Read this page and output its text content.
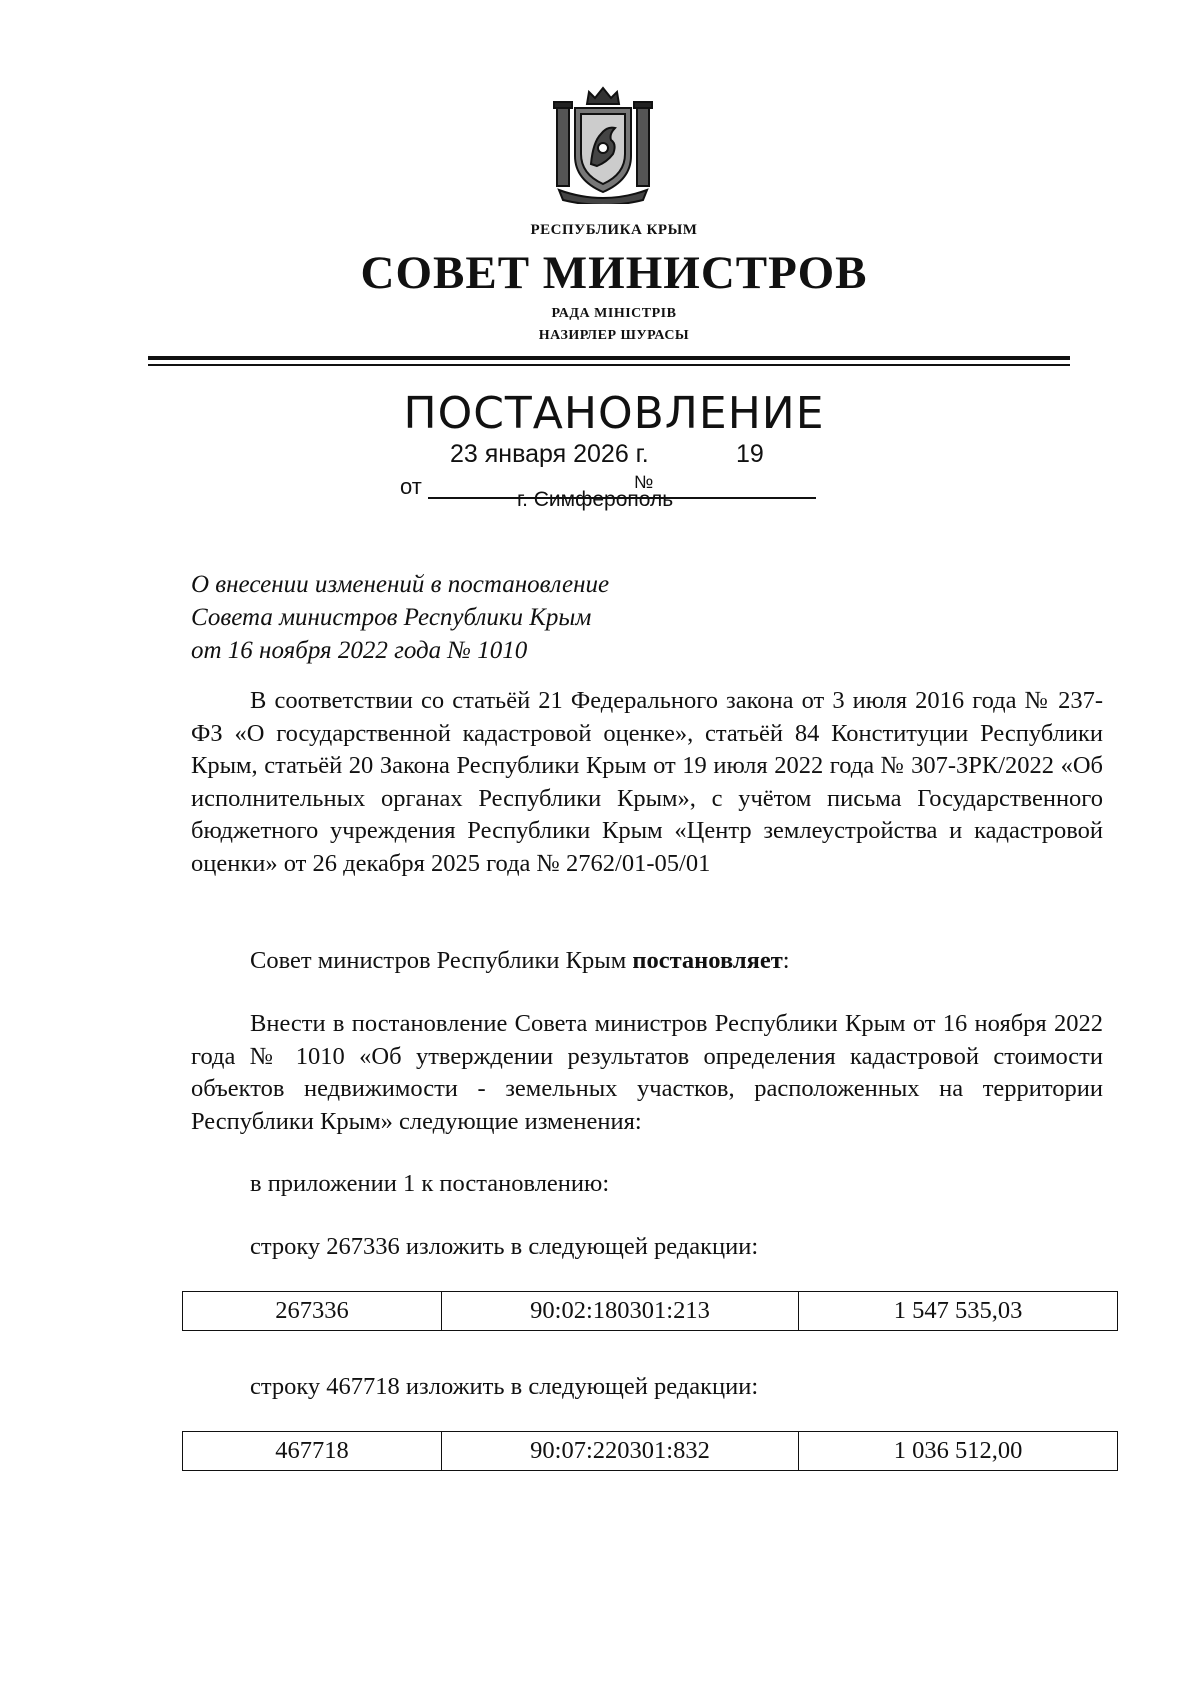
РЕСПУБЛИКА КРЫМ
СОВЕТ МИНИСТРОВ
РАДА МІНІСТРІВ
НАЗИРЛЕР ШУРАСЫ
ПОСТАНОВЛЕНИЕ
от
23 января 2026 г.
№
19
г. Симферополь
О внесении изменений в постановление
Совета министров Республики Крым
от 16 ноября 2022 года № 1010
В соответствии со статьёй 21 Федерального закона от 3 июля 2016 года № 237-ФЗ «О государственной кадастровой оценке», статьёй 84 Конституции Республики Крым, статьёй 20 Закона Республики Крым от 19 июля 2022 года № 307-ЗРК/2022 «Об исполнительных органах Республики Крым», с учётом письма Государственного бюджетного учреждения Республики Крым «Центр землеустройства и кадастровой оценки» от 26 декабря 2025 года № 2762/01-05/01
Совет министров Республики Крым постановляет:
Внести в постановление Совета министров Республики Крым от 16 ноября 2022 года № 1010 «Об утверждении результатов определения кадастровой стоимости объектов недвижимости - земельных участков, расположенных на территории Республики Крым» следующие изменения:
в приложении 1 к постановлению:
строку 267336 изложить в следующей редакции:
267336	90:02:180301:213	1 547 535,03
строку 467718 изложить в следующей редакции:
467718	90:07:220301:832	1 036 512,00
